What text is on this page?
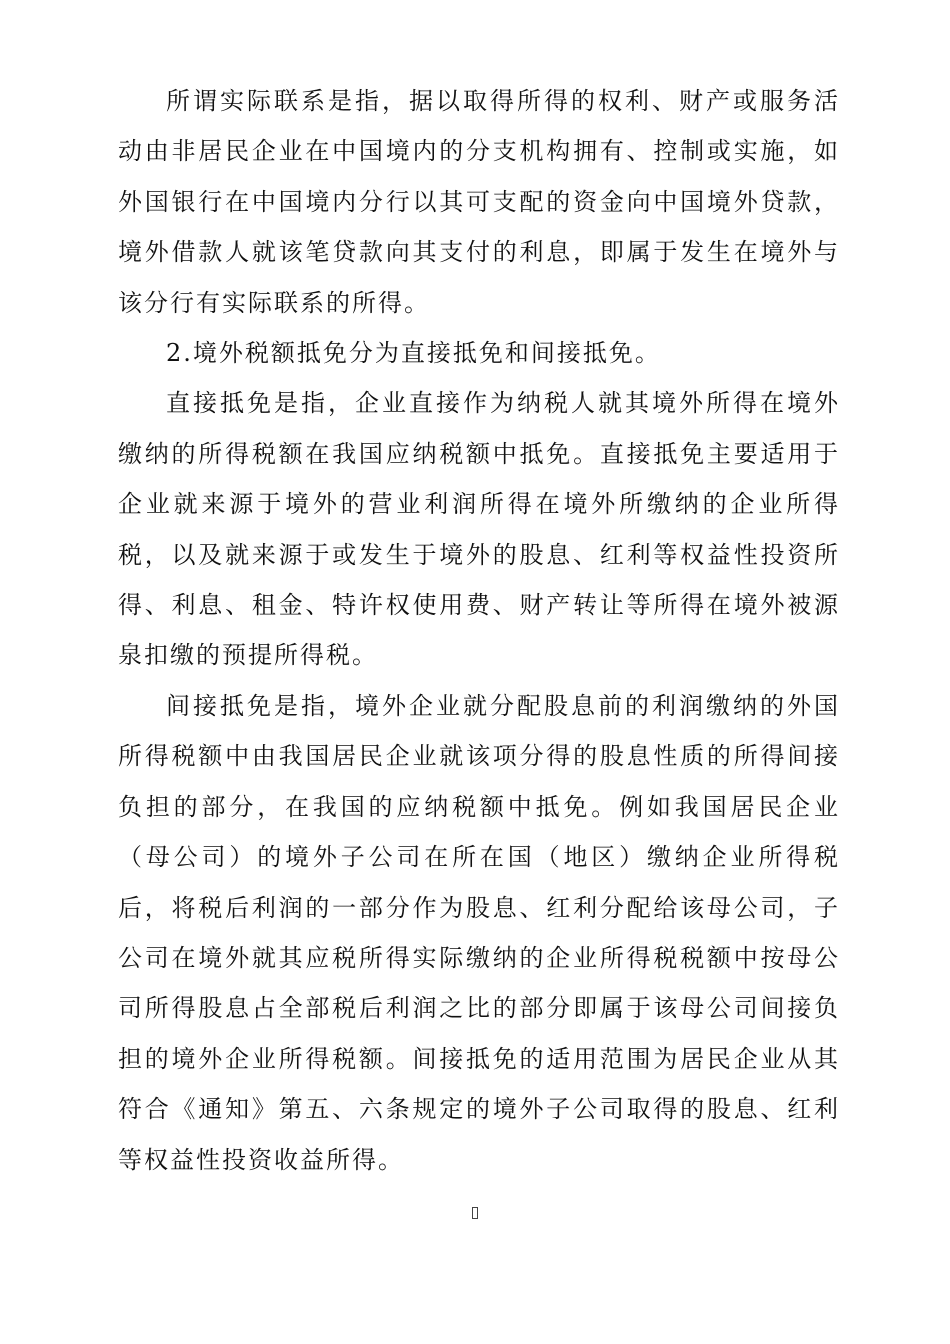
所谓实际联系是指，据以取得所得的权利、财产或服务活动由非居民企业在中国境内的分支机构拥有、控制或实施，如外国银行在中国境内分行以其可支配的资金向中国境外贷款，境外借款人就该笔贷款向其支付的利息，即属于发生在境外与该分行有实际联系的所得。

2.境外税额抵免分为直接抵免和间接抵免。

直接抵免是指，企业直接作为纳税人就其境外所得在境外缴纳的所得税额在我国应纳税额中抵免。直接抵免主要适用于企业就来源于境外的营业利润所得在境外所缴纳的企业所得税，以及就来源于或发生于境外的股息、红利等权益性投资所得、利息、租金、特许权使用费、财产转让等所得在境外被源泉扣缴的预提所得税。

间接抵免是指，境外企业就分配股息前的利润缴纳的外国所得税额中由我国居民企业就该项分得的股息性质的所得间接负担的部分，在我国的应纳税额中抵免。例如我国居民企业（母公司）的境外子公司在所在国（地区）缴纳企业所得税后，将税后利润的一部分作为股息、红利分配给该母公司，子公司在境外就其应税所得实际缴纳的企业所得税税额中按母公司所得股息占全部税后利润之比的部分即属于该母公司间接负担的境外企业所得税额。间接抵免的适用范围为居民企业从其符合《通知》第五、六条规定的境外子公司取得的股息、红利等权益性投资收益所得。
